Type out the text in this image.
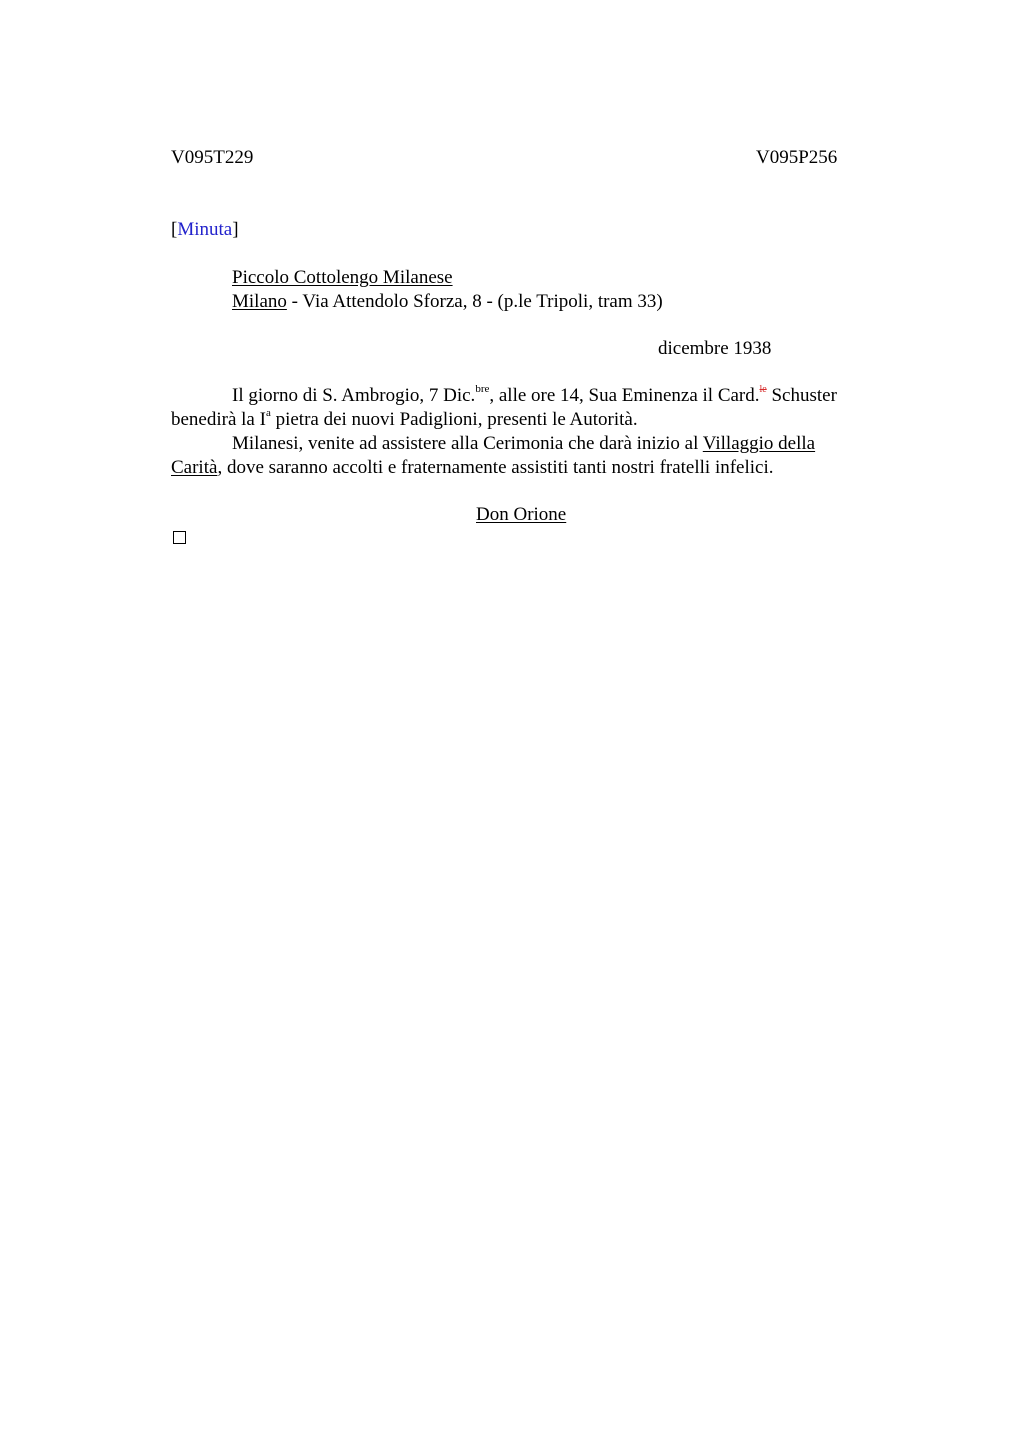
V095T229	V095P256
[Minuta]
Piccolo Cottolengo Milanese
Milano - Via Attendolo Sforza, 8 - (p.le Tripoli, tram 33)
dicembre 1938
Il giorno di S. Ambrogio, 7 Dic.$^{bre}$, alle ore 14, Sua Eminenza il Card.$^{le}$ Schuster
benedirà la $I^a$ pietra dei nuovi Padiglioni, presenti le Autorità.
Milanesi, venite ad assistere alla Cerimonia che darà inizio al Villaggio della
Carità, dove saranno accolti e fraternamente assistiti tanti nostri fratelli infelici.
Don Orione
